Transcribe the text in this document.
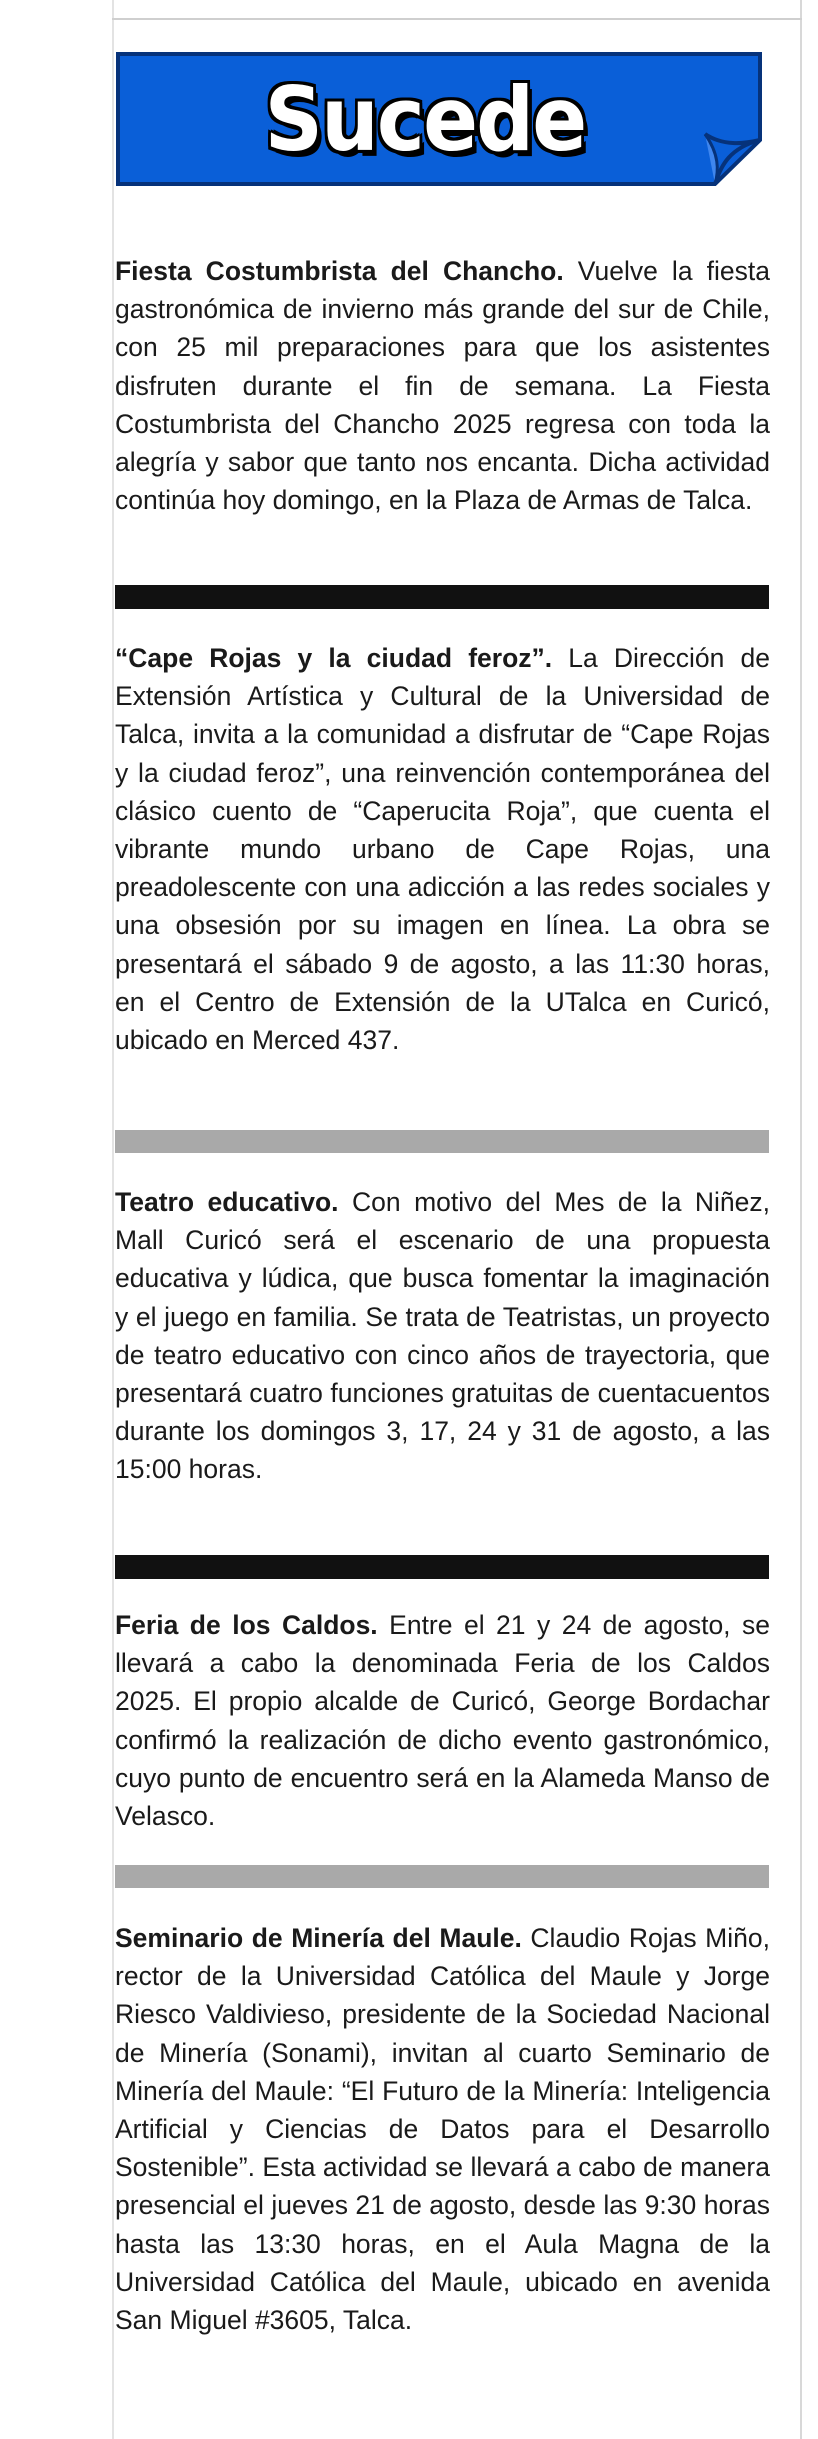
Sucede
Fiesta Costumbrista del Chancho. Vuelve la fiesta gastronómica de invierno más grande del sur de Chile, con 25 mil preparaciones para que los asistentes disfruten durante el fin de semana. La Fiesta Costumbrista del Chancho 2025 regresa con toda la alegría y sabor que tanto nos encanta. Dicha actividad continúa hoy domingo, en la Plaza de Armas de Talca.
“Cape Rojas y la ciudad feroz”. La Dirección de Extensión Artística y Cultural de la Universidad de Talca, invita a la comunidad a disfrutar de “Cape Rojas y la ciudad feroz”, una reinvención contemporánea del clásico cuento de “Caperucita Roja”, que cuenta el vibrante mundo urbano de Cape Rojas, una preadolescente con una adicción a las redes sociales y una obsesión por su imagen en línea. La obra se presentará el sábado 9 de agosto, a las 11:30 horas, en el Centro de Extensión de la UTalca en Curicó, ubicado en Merced 437.
Teatro educativo. Con motivo del Mes de la Niñez, Mall Curicó será el escenario de una propuesta educativa y lúdica, que busca fomentar la imaginación y el juego en familia. Se trata de Teatristas, un proyecto de teatro educativo con cinco años de trayectoria, que presentará cuatro funciones gratuitas de cuentacuentos durante los domingos 3, 17, 24 y 31 de agosto, a las 15:00 horas.
Feria de los Caldos. Entre el 21 y 24 de agosto, se llevará a cabo la denominada Feria de los Caldos 2025. El propio alcalde de Curicó, George Bordachar confirmó la realización de dicho evento gastronómico, cuyo punto de encuentro será en la Alameda Manso de Velasco.
Seminario de Minería del Maule. Claudio Rojas Miño, rector de la Universidad Católica del Maule y Jorge Riesco Valdivieso, presidente de la Sociedad Nacional de Minería (Sonami), invitan al cuarto Seminario de Minería del Maule: “El Futuro de la Minería: Inteligencia Artificial y Ciencias de Datos para el Desarrollo Sostenible”. Esta actividad se llevará a cabo de manera presencial el jueves 21 de agosto, desde las 9:30 horas hasta las 13:30 horas, en el Aula Magna de la Universidad Católica del Maule, ubicado en avenida San Miguel #3605, Talca.
